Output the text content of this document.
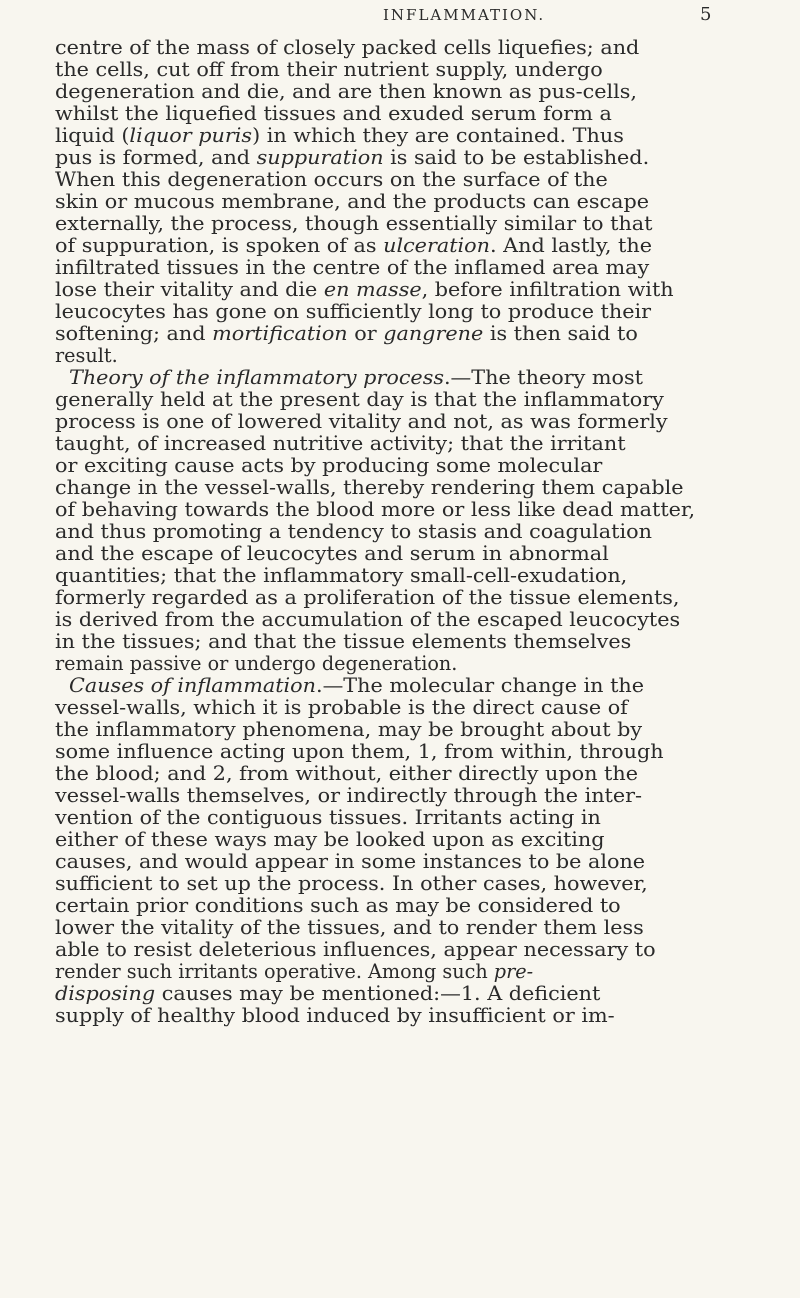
INFLAMMATION.	5
centre of the mass of closely packed cells liquefies; and
the cells, cut off from their nutrient supply, undergo
degeneration and die, and are then known as pus-cells,
whilst the liquefied tissues and exuded serum form a
liquid (liquor puris) in which they are contained. Thus
pus is formed, and suppuration is said to be established.
When this degeneration occurs on the surface of the
skin or mucous membrane, and the products can escape
externally, the process, though essentially similar to that
of suppuration, is spoken of as ulceration. And lastly, the
infiltrated tissues in the centre of the inflamed area may
lose their vitality and die en masse, before infiltration with
leucocytes has gone on sufficiently long to produce their
softening; and mortification or gangrene is then said to
result.
Theory of the inflammatory process.—The theory most
generally held at the present day is that the inflammatory
process is one of lowered vitality and not, as was formerly
taught, of increased nutritive activity; that the irritant
or exciting cause acts by producing some molecular
change in the vessel-walls, thereby rendering them capable
of behaving towards the blood more or less like dead matter,
and thus promoting a tendency to stasis and coagulation
and the escape of leucocytes and serum in abnormal
quantities; that the inflammatory small-cell-exudation,
formerly regarded as a proliferation of the tissue elements,
is derived from the accumulation of the escaped leucocytes
in the tissues; and that the tissue elements themselves
remain passive or undergo degeneration.
Causes of inflammation.—The molecular change in the
vessel-walls, which it is probable is the direct cause of
the inflammatory phenomena, may be brought about by
some influence acting upon them, 1, from within, through
the blood; and 2, from without, either directly upon the
vessel-walls themselves, or indirectly through the inter-
vention of the contiguous tissues. Irritants acting in
either of these ways may be looked upon as exciting
causes, and would appear in some instances to be alone
sufficient to set up the process. In other cases, however,
certain prior conditions such as may be considered to
lower the vitality of the tissues, and to render them less
able to resist deleterious influences, appear necessary to
render such irritants operative. Among such pre-
disposing causes may be mentioned:—1. A deficient
supply of healthy blood induced by insufficient or im-
